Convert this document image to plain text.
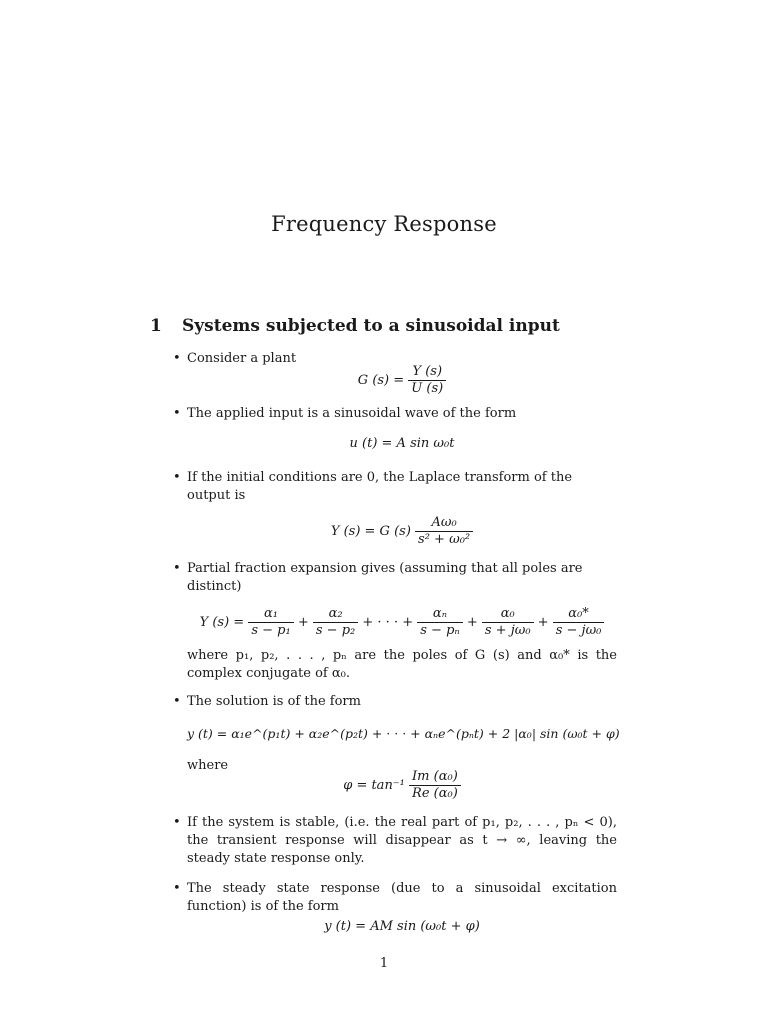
Frequency Response
1 Systems subjected to a sinusoidal input
• Consider a plant
G $(s) = \frac{Y (s)}{U (s)}$
• The applied input is a sinusoidal wave of the form
u (t) = A sin ω₀t
• If the initial conditions are 0, the Laplace transform of the output is
Y (s) = G $(s) \frac{\text{Aω₀}}{\text{s² + ω₀²}}$
• Partial fraction expansion gives (assuming that all poles are distinct)
Y $(s) = \frac{\text{α₁}}{\text{s − p₁}} + \frac{\text{α₂}}{\text{s − p₂}}$ + · · · + $\frac{\text{αₙ}}{\text{s − pₙ}} + \frac{\text{α₀}}{\text{s + jω₀}} + \frac{\text{α₀*}}{\text{s − jω₀}}$
where p₁, p₂, . . . , pₙ are the poles of G (s) and α₀* is the complex conjugate of α₀.
• The solution is of the form
y (t) = α₁e^(p₁t) + α₂e^(p₂t) + · · · + αₙe^(pₙt) + 2 |α₀| sin (ω₀t + φ)
where
$\varphi = \tan^{-1} \frac{\text{Im (α₀)}}{\text{Re (α₀)}}$
• If the system is stable, (i.e. the real part of p₁, p₂, . . . , pₙ < 0), the transient response will disappear as t → ∞, leaving the steady state response only.
• The steady state response (due to a sinusoidal excitation function) is of the form
y (t) = AM sin (ω₀t + φ)
1
